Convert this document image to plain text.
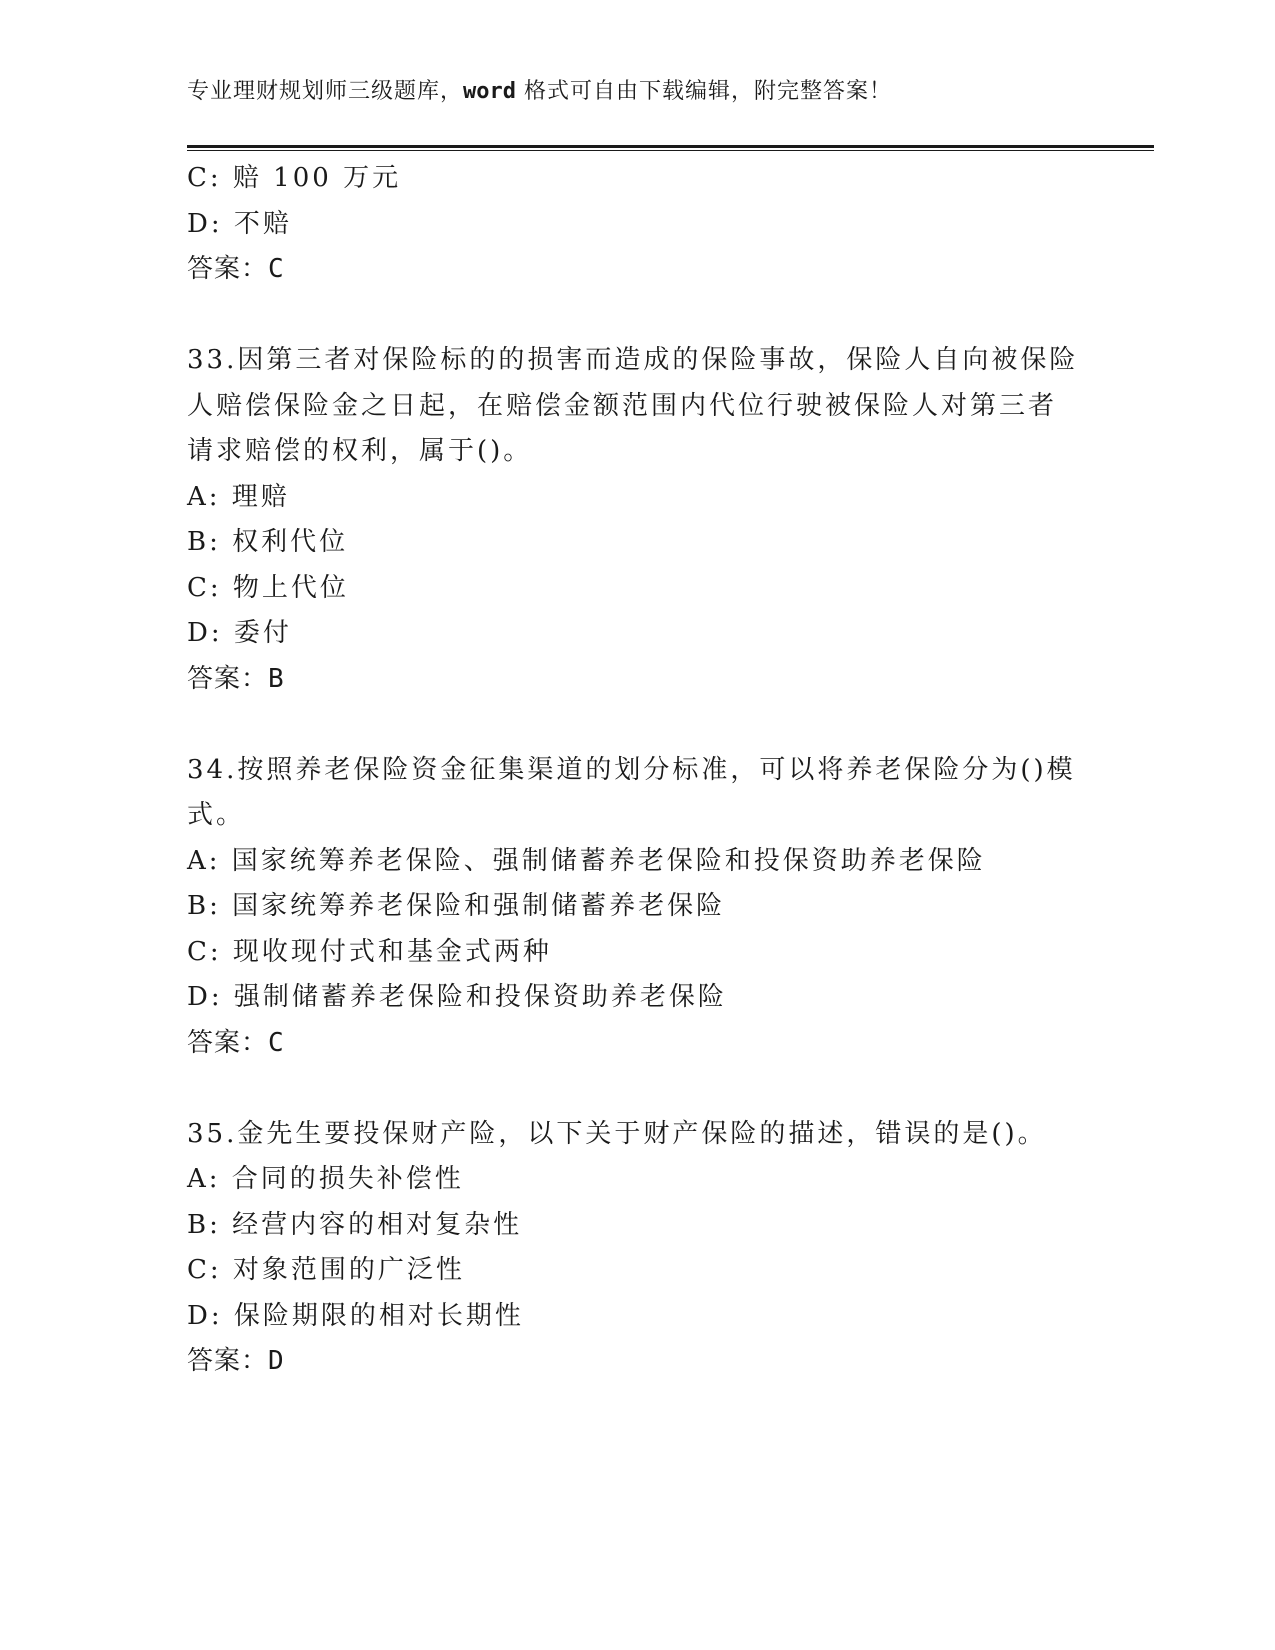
专业理财规划师三级题库，word 格式可自由下载编辑，附完整答案！
C: 赔 100 万元
D: 不赔
答案：C
33.因第三者对保险标的的损害而造成的保险事故，保险人自向被保险
人赔偿保险金之日起，在赔偿金额范围内代位行驶被保险人对第三者
请求赔偿的权利，属于()。
A: 理赔
B: 权利代位
C: 物上代位
D: 委付
答案：B
34.按照养老保险资金征集渠道的划分标准，可以将养老保险分为()模
式。
A: 国家统筹养老保险、强制储蓄养老保险和投保资助养老保险
B: 国家统筹养老保险和强制储蓄养老保险
C: 现收现付式和基金式两种
D: 强制储蓄养老保险和投保资助养老保险
答案：C
35.金先生要投保财产险，以下关于财产保险的描述，错误的是()。
A: 合同的损失补偿性
B: 经营内容的相对复杂性
C: 对象范围的广泛性
D: 保险期限的相对长期性
答案：D
